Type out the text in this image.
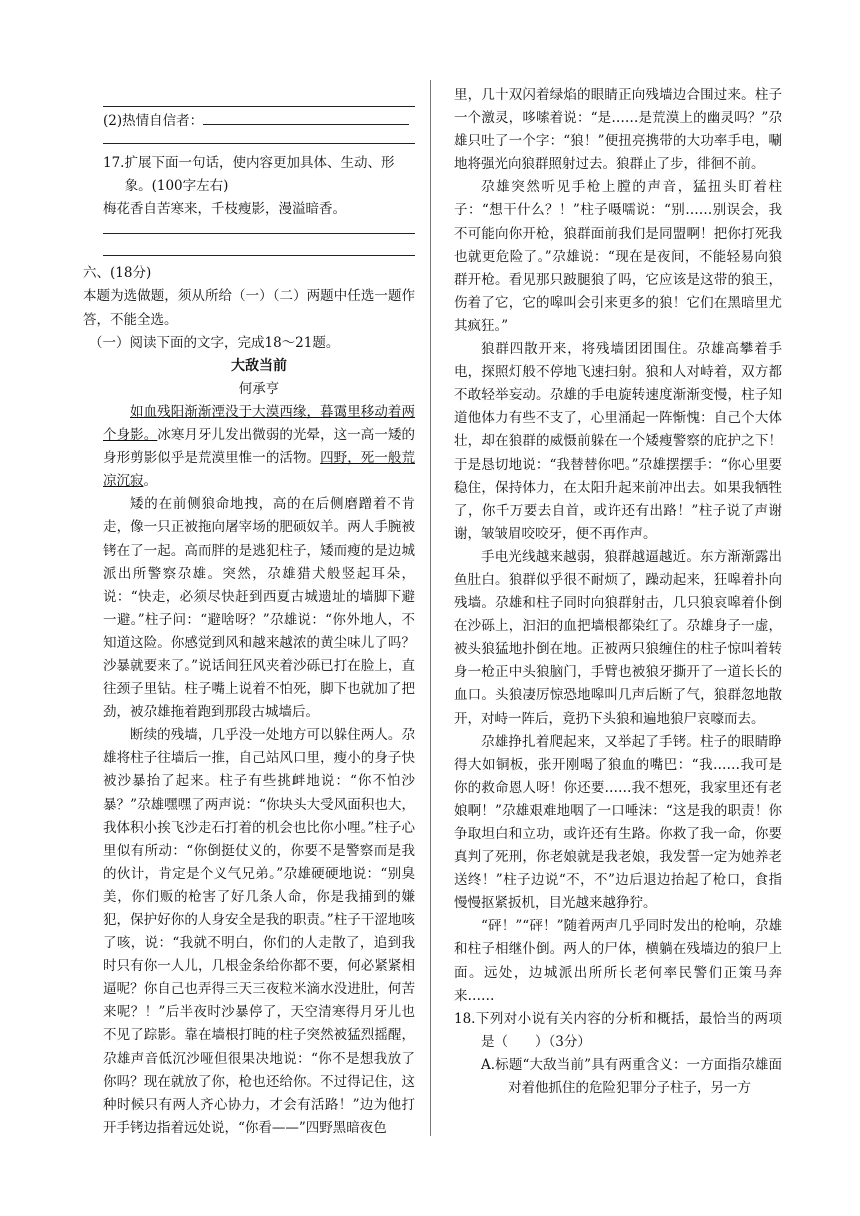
(2)热情自信者：

17.扩展下面一句话，使内容更加具体、生动、形

象。(100字左右)

梅花香自苦寒来，千枝瘦影，漫溢暗香。

六、(18分)

本题为选做题，须从所给（一）（二）两题中任选一题作答，不能全选。

（一）阅读下面的文字，完成18～21题。

大敌当前

何承亨

如血残阳渐渐湮没于大漠西缘，暮霭里移动着两个身影。冰寒月牙儿发出微弱的光晕，这一高一矮的身形剪影似乎是荒漠里惟一的活物。四野，死一般荒凉沉寂。

矮的在前侧狼命地拽，高的在后侧磨蹭着不肯走，像一只正被拖向屠宰场的肥硕奴羊。两人手腕被铐在了一起。高而胖的是逃犯柱子，矮而瘦的是边城派出所警察尕雄。突然，尕雄猎犬般竖起耳朵，说：“快走，必须尽快赶到西夏古城遗址的墙脚下避一避。”柱子问：“避啥呀？”尕雄说：“你外地人，不知道这险。你感觉到风和越来越浓的黄尘味儿了吗？沙暴就要来了。”说话间狂风夹着沙砾已打在脸上，直往颈子里钻。柱子嘴上说着不怕死，脚下也就加了把劲，被尕雄拖着跑到那段古城墙后。

断续的残墙，几乎没一处地方可以躲住两人。尕雄将柱子往墙后一推，自己站风口里，瘦小的身子快被沙暴抬了起来。柱子有些挑衅地说：“你不怕沙暴？”尕雄嘿嘿了两声说：“你块头大受风面积也大，我体积小挨飞沙走石打着的机会也比你小哩。”柱子心里似有所动：“你倒挺仗义的，你要不是警察而是我的伙计，肯定是个义气兄弟。”尕雄硬硬地说：“别臭美，你们贩的枪害了好几条人命，你是我捕到的嫌犯，保护好你的人身安全是我的职责。”柱子干涩地咳了咳，说：“我就不明白，你们的人走散了，追到我时只有你一人儿，几根金条给你都不要，何必紧紧相逼呢？你自己也弄得三天三夜粒米滴水没进肚，何苦来呢？！”后半夜时沙暴停了，天空清寒得月牙儿也不见了踪影。靠在墙根打盹的柱子突然被猛烈摇醒，尕雄声音低沉沙哑但很果决地说：“你不是想我放了你吗？现在就放了你，枪也还给你。不过得记住，这种时候只有两人齐心协力，才会有活路！”边为他打开手铐边指着远处说，“你看——”四野黑暗夜色

里，几十双闪着绿焰的眼睛正向残墙边合围过来。柱子一个激灵，哆嗦着说：“是……是荒漠上的幽灵吗？”尕雄只吐了一个字：“狼！”便扭亮携带的大功率手电，唰地将强光向狼群照射过去。狼群止了步，徘徊不前。

尕雄突然听见手枪上膛的声音，猛扭头盯着柱子：“想干什么？！”柱子嗫嚅说：“别……别误会，我不可能向你开枪，狼群面前我们是同盟啊！把你打死我也就更危险了。”尕雄说：“现在是夜间，不能轻易向狼群开枪。看见那只跛腿狼了吗，它应该是这带的狼王，伤着了它，它的嗥叫会引来更多的狼！它们在黑暗里尤其疯狂。”

狼群四散开来，将残墙团团围住。尕雄高攀着手电，探照灯般不停地飞速扫射。狼和人对峙着，双方都不敢轻举妄动。尕雄的手电旋转速度渐渐变慢，柱子知道他体力有些不支了，心里涌起一阵惭愧：自己个大体壮，却在狼群的威慑前躲在一个矮瘦警察的庇护之下！于是恳切地说：“我替替你吧。”尕雄摆摆手：“你心里要稳住，保持体力，在太阳升起来前冲出去。如果我牺牲了，你千万要去自首，或许还有出路！”柱子说了声谢谢，皱皱眉咬咬牙，便不再作声。

手电光线越来越弱，狼群越逼越近。东方渐渐露出鱼肚白。狼群似乎很不耐烦了，躁动起来，狂嗥着扑向残墙。尕雄和柱子同时向狼群射击，几只狼哀嗥着仆倒在沙砾上，汩汩的血把墙根都染红了。尕雄身子一虚，被头狼猛地扑倒在地。正被两只狼缠住的柱子惊叫着转身一枪正中头狼脑门，手臂也被狼牙撕开了一道长长的血口。头狼凄厉惊恐地嗥叫几声后断了气，狼群忽地散开，对峙一阵后，竟扔下头狼和遍地狼尸哀嚎而去。

尕雄挣扎着爬起来，又举起了手铐。柱子的眼睛睁得大如铜板，张开刚喝了狼血的嘴巴：“我……我可是你的救命恩人呀！你还要……我不想死，我家里还有老娘啊！”尕雄艰难地咽了一口唾沫：“这是我的职责！你争取坦白和立功，或许还有生路。你救了我一命，你要真判了死刑，你老娘就是我老娘，我发誓一定为她养老送终！”柱子边说“不，不”边后退边抬起了枪口，食指慢慢抠紧扳机，目光越来越狰狞。

“砰！”“砰！”随着两声几乎同时发出的枪响，尕雄和柱子相继仆倒。两人的尸体，横躺在残墙边的狼尸上面。远处，边城派出所所长老何率民警们正策马奔来……

18.下列对小说有关内容的分析和概括，最恰当的两项是（　　）（3分）

A.标题“大敌当前”具有两重含义：一方面指尕雄面对着他抓住的危险犯罪分子柱子，另一方
